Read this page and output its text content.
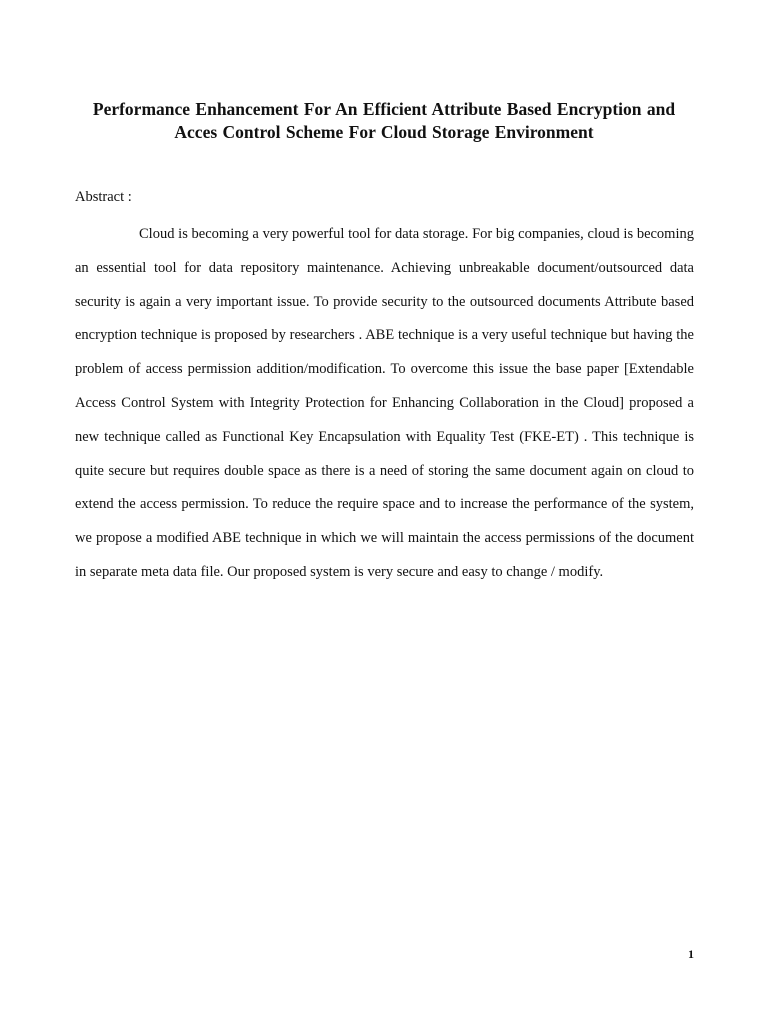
Performance Enhancement For An Efficient Attribute Based Encryption and
Acces Control Scheme For Cloud Storage Environment
Abstract :

Cloud is becoming a very powerful tool for data storage. For big companies, cloud is becoming an essential tool for data repository maintenance. Achieving unbreakable document/outsourced data security is again a very important issue. To provide security to the outsourced documents Attribute based encryption technique is proposed by researchers . ABE technique is a very useful technique but having the problem of access permission addition/modification. To overcome this issue the base paper [Extendable Access Control System with Integrity Protection for Enhancing Collaboration in the Cloud] proposed a new technique called as Functional Key Encapsulation with Equality Test (FKE-ET) . This technique is quite secure but requires double space as there is a need of storing the same document again on cloud to extend the access permission. To reduce the require space and to increase the performance of the system, we propose a modified ABE technique in which we will maintain the access permissions of the document in separate meta data file. Our proposed system is very secure and easy to change / modify.

1
